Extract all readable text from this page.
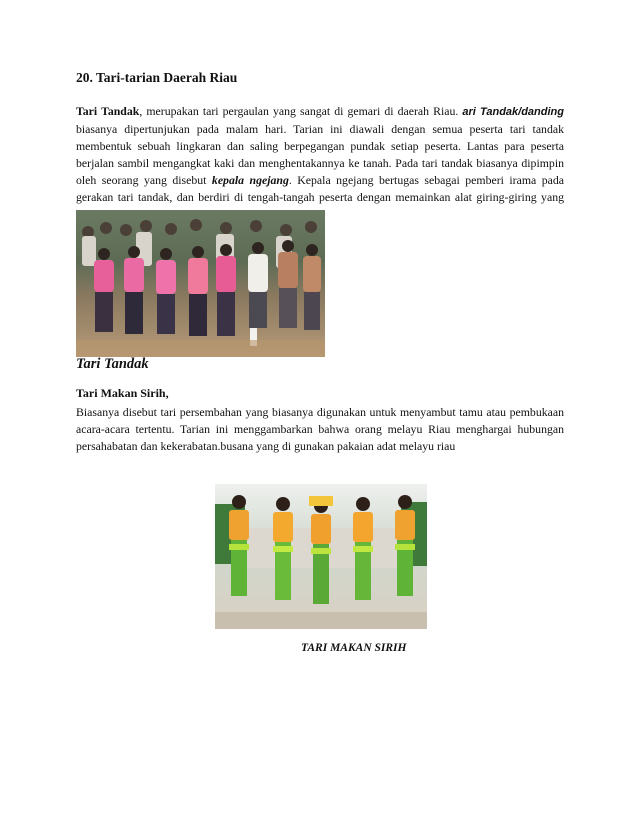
20. Tari-tarian Daerah Riau

Tari Tandak, merupakan tari pergaulan yang sangat di gemari di daerah Riau. ari Tandak/danding biasanya dipertunjukan pada malam hari. Tarian ini diawali dengan semua peserta tari tandak membentuk sebuah lingkaran dan saling berpegangan pundak setiap peserta. Lantas para peserta berjalan sambil mengangkat kaki dan menghentakannya ke tanah. Pada tari tandak biasanya dipimpin oleh seorang yang disebut kepala ngejang. Kepala ngejang bertugas sebagai pemberi irama pada gerakan tari tandak, dan berdiri di tengah-tangah peserta dengan memainkan alat giring-giring yang

Tari Tandak

Tari Makan Sirih,

Biasanya disebut tari persembahan yang biasanya digunakan untuk menyambut tamu atau pembukaan acara-acara tertentu. Tarian ini menggambarkan bahwa orang melayu Riau menghargai hubungan persahabatan dan kekerabatan.busana yang di gunakan pakaian adat melayu riau

TARI MAKAN SIRIH
